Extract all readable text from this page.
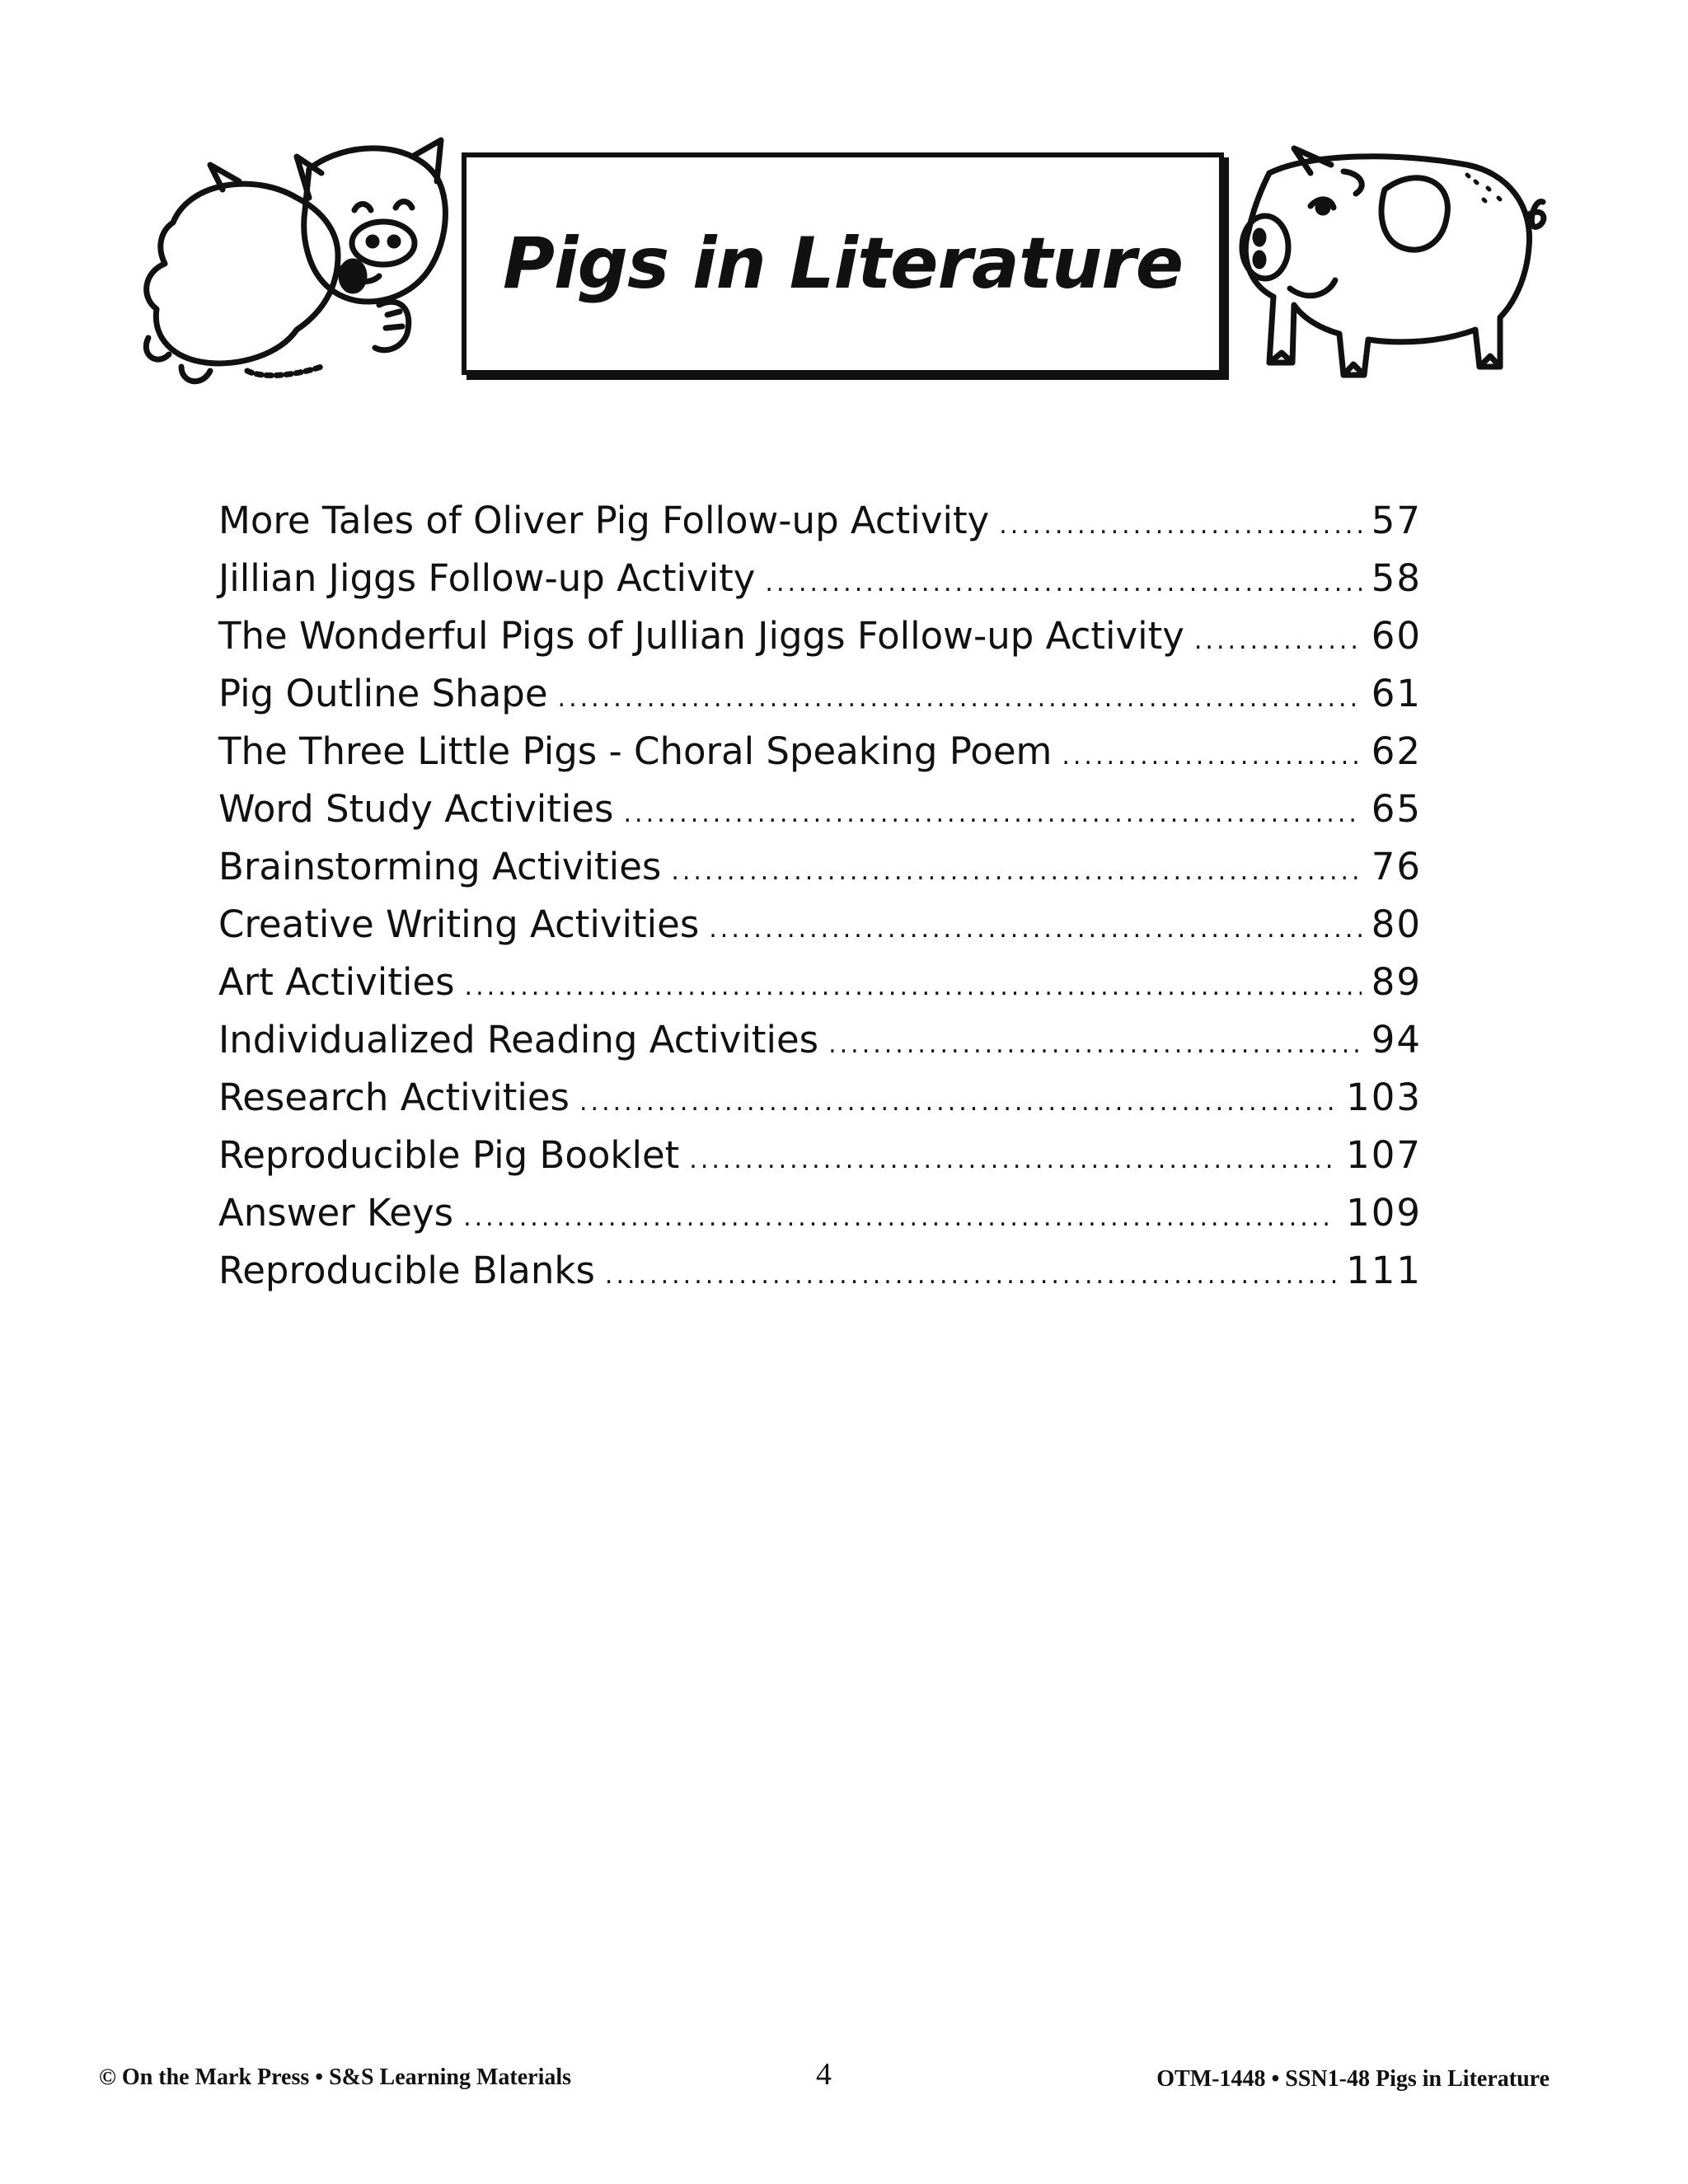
Pigs in Literature
More Tales of Oliver Pig Follow-up Activity .....	57
Jillian Jiggs Follow-up Activity .....	58
The Wonderful Pigs of Jullian Jiggs Follow-up Activity .....	60
Pig Outline Shape .....	61
The Three Little Pigs - Choral Speaking Poem .....	62
Word Study Activities .....	65
Brainstorming Activities .....	76
Creative Writing Activities .....	80
Art Activities .....	89
Individualized Reading Activities .....	94
Research Activities .....	103
Reproducible Pig Booklet .....	107
Answer Keys .....	109
Reproducible Blanks .....	111
© On the Mark Press • S&S Learning Materials	4	OTM-1448 • SSN1-48 Pigs in Literature
